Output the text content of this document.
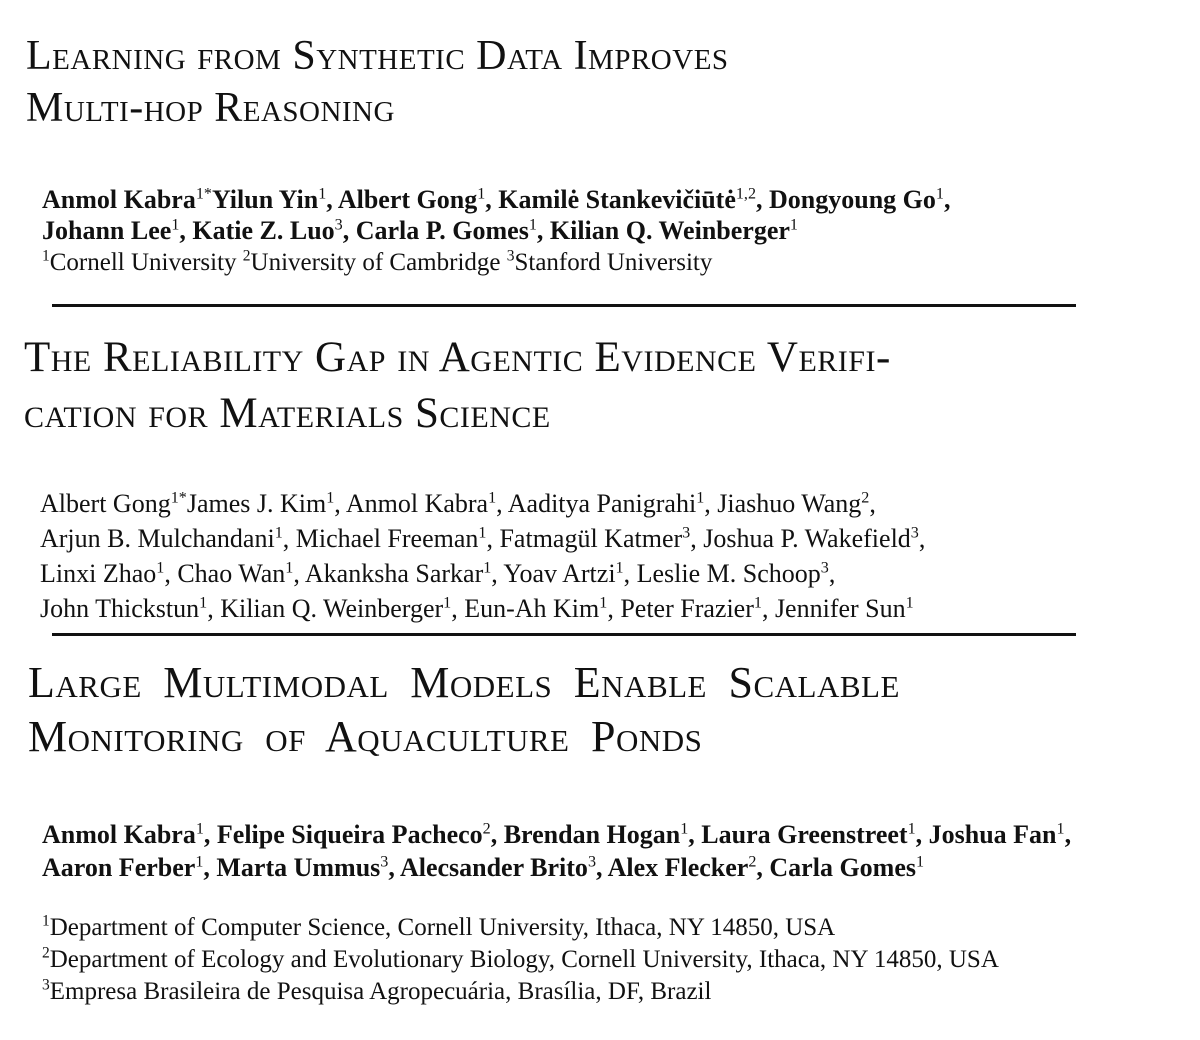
Learning from Synthetic Data Improves
Multi-hop Reasoning
Anmol Kabra$^{1*}$Yilun Yin$^1$, Albert Gong$^1$, Kamilė Stankevičiūtė$^{1,2}$, Dongyoung Go$^1$,
Johann Lee$^1$, Katie Z. Luo$^3$, Carla P. Gomes$^1$, Kilian Q. Weinberger$^1$
$^1$Cornell University $^2$University of Cambridge $^3$Stanford University
The Reliability Gap in Agentic Evidence Verifi-
cation for Materials Science
Albert Gong$^{1*}$James J. Kim$^1$, Anmol Kabra$^1$, Aaditya Panigrahi$^1$, Jiashuo Wang$^2$,
Arjun B. Mulchandani$^1$, Michael Freeman$^1$, Fatmagül Katmer$^3$, Joshua P. Wakefield$^3$,
Linxi Zhao$^1$, Chao Wan$^1$, Akanksha Sarkar$^1$, Yoav Artzi$^1$, Leslie M. Schoop$^3$,
John Thickstun$^1$, Kilian Q. Weinberger$^1$, Eun-Ah Kim$^1$, Peter Frazier$^1$, Jennifer Sun$^1$
Large Multimodal Models Enable Scalable
Monitoring of Aquaculture Ponds
Anmol Kabra$^1$, Felipe Siqueira Pacheco$^2$, Brendan Hogan$^1$, Laura Greenstreet$^1$, Joshua Fan$^1$,
Aaron Ferber$^1$, Marta Ummus$^3$, Alecsander Brito$^3$, Alex Flecker$^2$, Carla Gomes$^1$
$^1$Department of Computer Science, Cornell University, Ithaca, NY 14850, USA
$^2$Department of Ecology and Evolutionary Biology, Cornell University, Ithaca, NY 14850, USA
$^3$Empresa Brasileira de Pesquisa Agropecuária, Brasília, DF, Brazil
